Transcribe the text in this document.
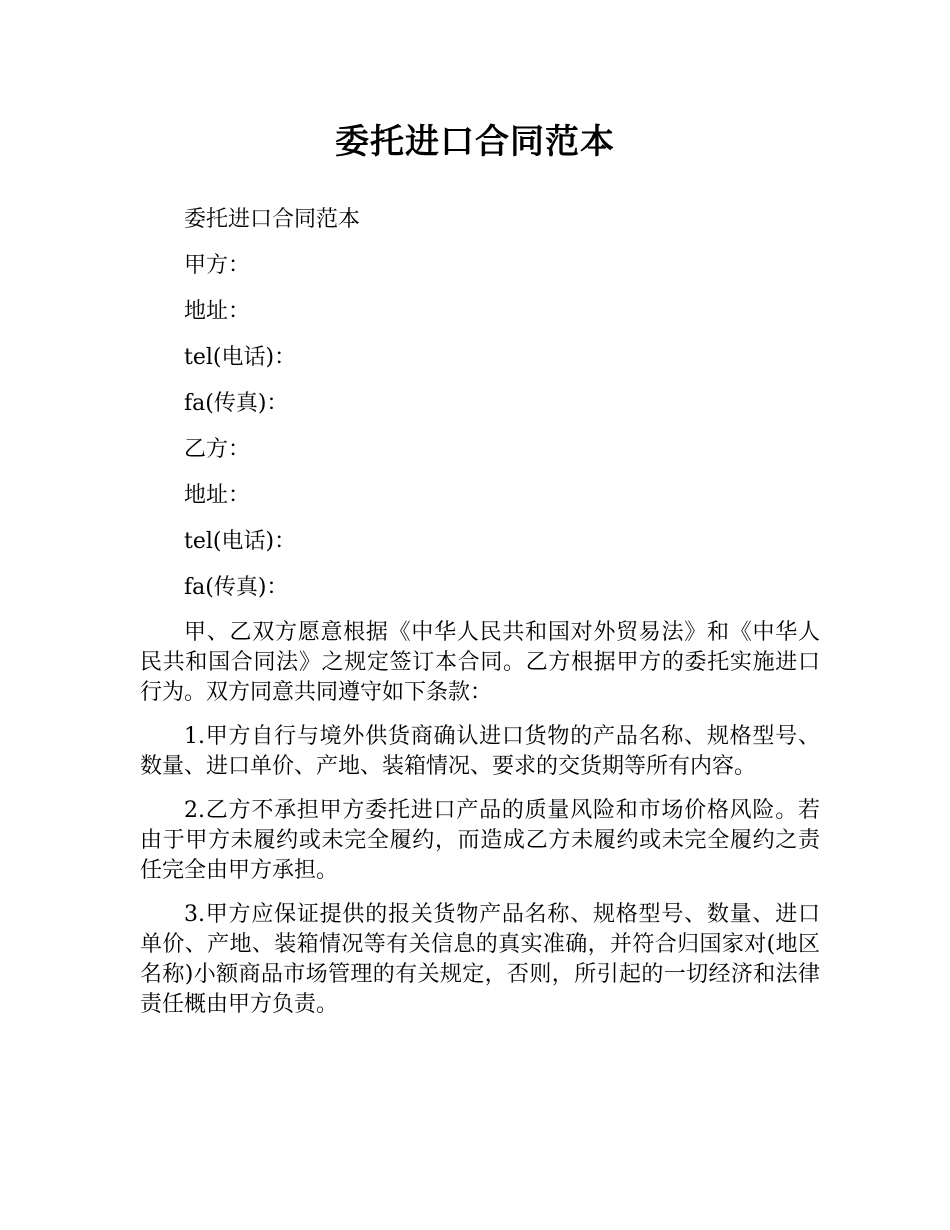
委托进口合同范本

委托进口合同范本

甲方：

地址：

tel(电话)：

fa(传真)：

乙方：

地址：

tel(电话)：

fa(传真)：

甲、乙双方愿意根据《中华人民共和国对外贸易法》和《中华人民共和国合同法》之规定签订本合同。乙方根据甲方的委托实施进口行为。双方同意共同遵守如下条款：

1.甲方自行与境外供货商确认进口货物的产品名称、规格型号、数量、进口单价、产地、装箱情况、要求的交货期等所有内容。

2.乙方不承担甲方委托进口产品的质量风险和市场价格风险。若由于甲方未履约或未完全履约，而造成乙方未履约或未完全履约之责任完全由甲方承担。

3.甲方应保证提供的报关货物产品名称、规格型号、数量、进口单价、产地、装箱情况等有关信息的真实准确，并符合归国家对(地区名称)小额商品市场管理的有关规定，否则，所引起的一切经济和法律责任概由甲方负责。
